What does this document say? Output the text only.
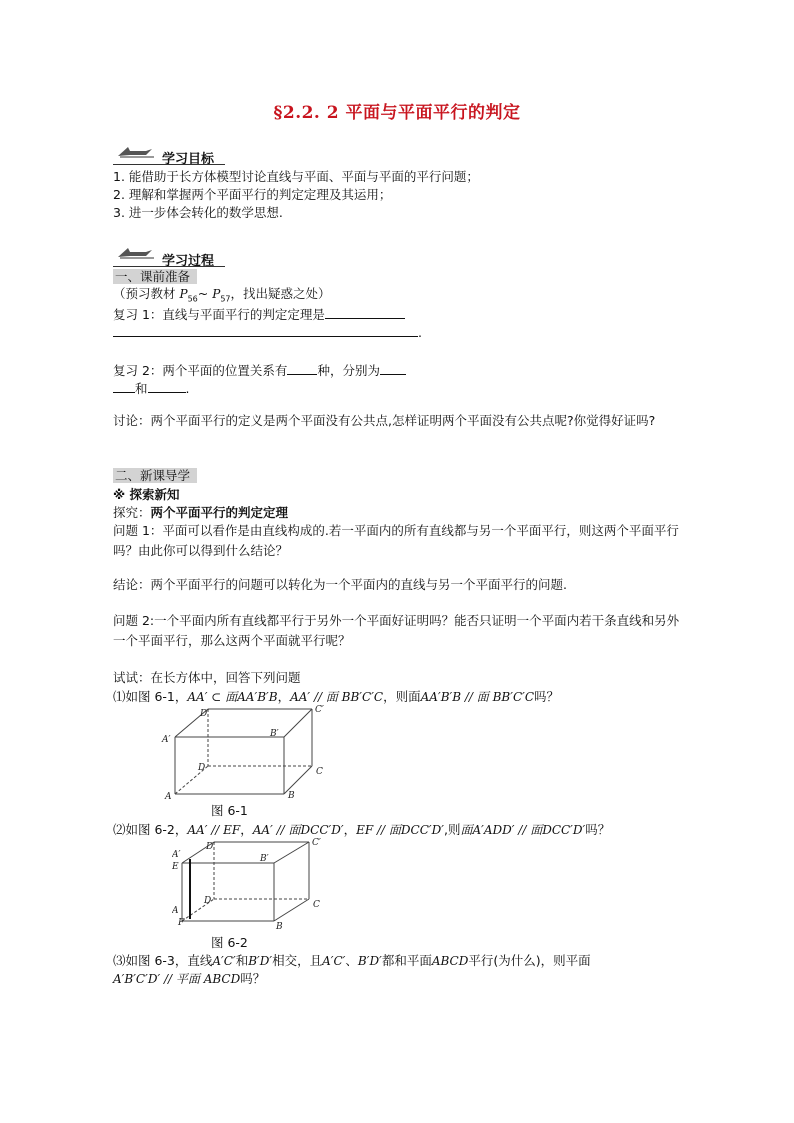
§2.2. 2 平面与平面平行的判定
学习目标
1. 能借助于长方体模型讨论直线与平面、平面与平面的平行问题；
2. 理解和掌握两个平面平行的判定定理及其运用；
3. 进一步体会转化的数学思想.
学习过程
一、课前准备
（预习教材 $P_{56}\sim$ $P_{57}$，找出疑惑之处）
复习 1：直线与平面平行的判定定理是
.
复习 2：两个平面的位置关系有 种，分别为
和	.
讨论：两个平面平行的定义是两个平面没有公共点,怎样证明两个平面没有公共点呢?你觉得好证吗?
二、新课导学
※ 探索新知
探究：两个平面平行的判定定理
问题 1：平面可以看作是由直线构成的.若一平面内的所有直线都与另一个平面平行，则这两个平面平行吗？由此你可以得到什么结论？
结论：两个平面平行的问题可以转化为一个平面内的直线与另一个平面平行的问题.
问题 2:一个平面内所有直线都平行于另外一个平面好证明吗？能否只证明一个平面内若干条直线和另外一个平面平行，那么这两个平面就平行呢？
试试：在长方体中，回答下列问题
⑴如图 6-1，AA′ ⊂ 面AA′B′B，AA′ // 面 BB′C′C，则面AA′B′B // 面 BB′C′C吗？
A′
D′
B′
C′
D
A
C
B
图 6-1
⑵如图 6-2，AA′ // EF，AA′ // 面DCC′D′，EF // 面DCC′D′,则面A′ADD′ // 面DCC′D′吗？
A′
E
D′	C′
B′
D
A
F
C
B
图 6-2
⑶如图 6-3，直线A′C′和B′D′相交，且A′C′、B′D′都和平面ABCD平行(为什么)，则平面
A′B′C′D′ // 平面 ABCD吗？
